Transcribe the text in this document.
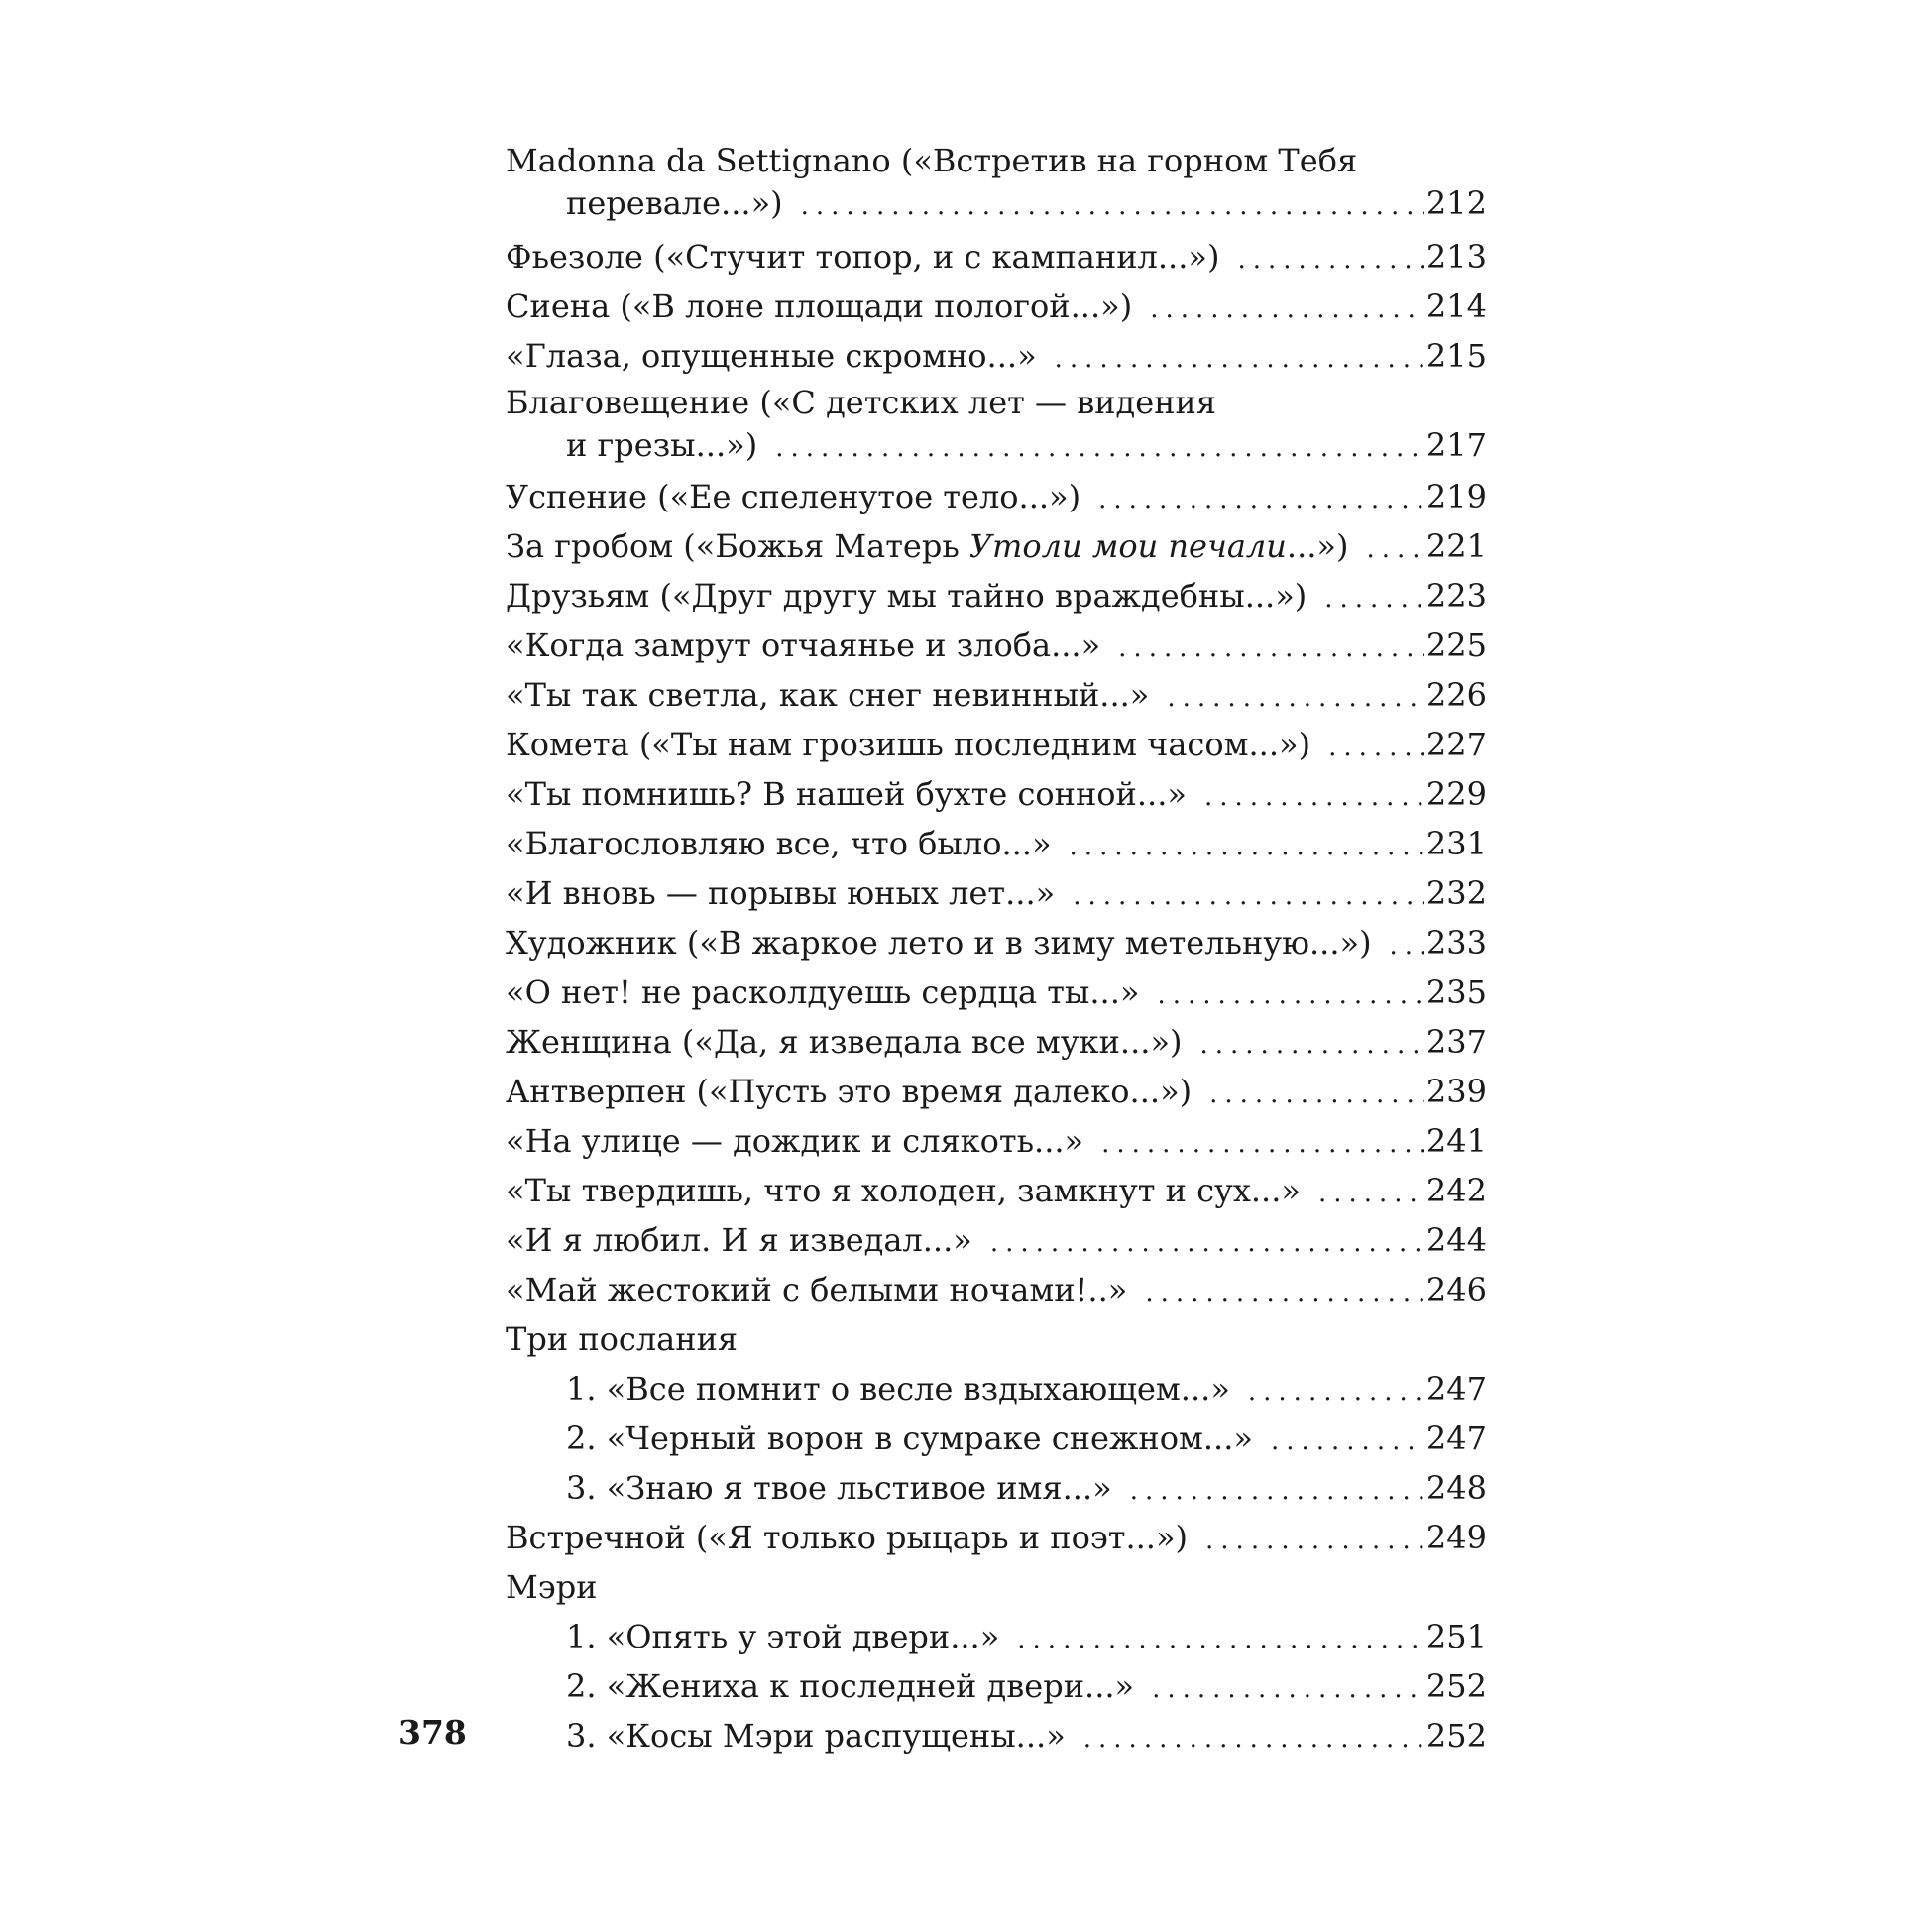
Madonna da Settignano («Встретив на горном Тебя
перевале...») .....	212
Фьезоле («Стучит топор, и с кампанил...») .....	213
Сиена («В лоне площади пологой...») .....	214
«Глаза, опущенные скромно...» .....	215
Благовещение («С детских лет — видения
и грезы...») .....	217
Успение («Ее спеленутое тело...») .....	219
За гробом («Божья Матерь Утоли мои печали...») ..... 221
Друзьям («Друг другу мы тайно враждебны...») .....	223
«Когда замрут отчаянье и злоба...» .....	225
«Ты так светла, как снег невинный...» .....	226
Комета («Ты нам грозишь последним часом...») .....	227
«Ты помнишь? В нашей бухте сонной...» .....	229
«Благословляю все, что было...» .....	231
«И вновь — порывы юных лет...» .....	232
Художник («В жаркое лето и в зиму метельную...») ..... 233
«О нет! не расколдуешь сердца ты...» .....	235
Женщина («Да, я изведала все муки...») .....	237
Антверпен («Пусть это время далеко...») .....	239
«На улице — дождик и слякоть...» .....	241
«Ты твердишь, что я холоден, замкнут и сух...» .....	242
«И я любил. И я изведал...» .....	244
«Май жестокий с белыми ночами!..» .....	246
Три послания
1. «Все помнит о весле вздыхающем...» .....	247
2. «Черный ворон в сумраке снежном...» .....	247
3. «Знаю я твое льстивое имя...» .....	248
Встречной («Я только рыцарь и поэт...») .....	249
Мэри
1. «Опять у этой двери...» .....	251
2. «Жениха к последней двери...» .....	252
3. «Косы Мэри распущены...» .....	252
378
